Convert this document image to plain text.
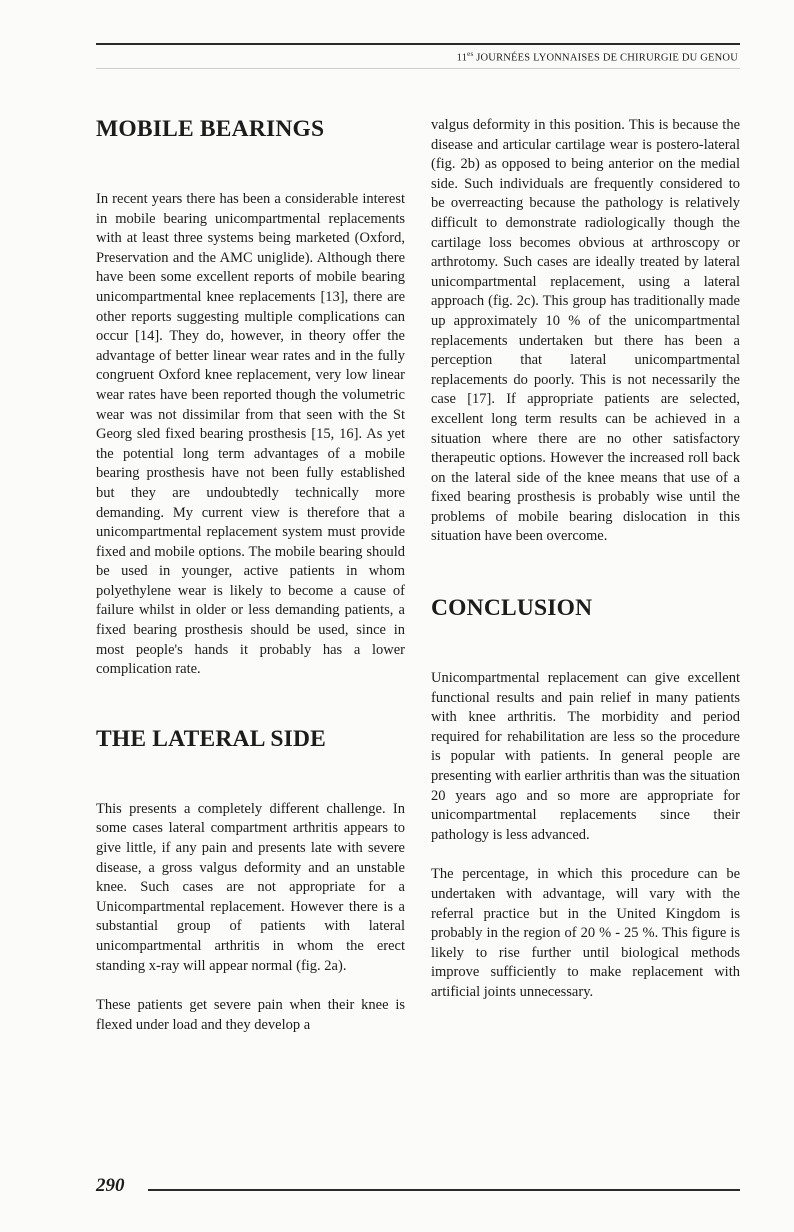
$11^{es}$ JOURNÉES LYONNAISES DE CHIRURGIE DU GENOU
MOBILE BEARINGS

In recent years there has been a considerable interest in mobile bearing unicompartmental replacements with at least three systems being marketed (Oxford, Preservation and the AMC uniglide). Although there have been some excellent reports of mobile bearing unicompartmental knee replacements [13], there are other reports suggesting multiple complications can occur [14]. They do, however, in theory offer the advantage of better linear wear rates and in the fully congruent Oxford knee replacement, very low linear wear rates have been reported though the volumetric wear was not dissimilar from that seen with the St Georg sled fixed bearing prosthesis [15, 16]. As yet the potential long term advantages of a mobile bearing prosthesis have not been fully established but they are undoubtedly technically more demanding. My current view is therefore that a unicompartmental replacement system must provide fixed and mobile options. The mobile bearing should be used in younger, active patients in whom polyethylene wear is likely to become a cause of failure whilst in older or less demanding patients, a fixed bearing prosthesis should be used, since in most people's hands it probably has a lower complication rate.

THE LATERAL SIDE

This presents a completely different challenge. In some cases lateral compartment arthritis appears to give little, if any pain and presents late with severe disease, a gross valgus deformity and an unstable knee. Such cases are not appropriate for a Unicompartmental replacement. However there is a substantial group of patients with lateral unicompartmental arthritis in whom the erect standing x-ray will appear normal (fig. 2a).

These patients get severe pain when their knee is flexed under load and they develop a

valgus deformity in this position. This is because the disease and articular cartilage wear is postero-lateral (fig. 2b) as opposed to being anterior on the medial side. Such individuals are frequently considered to be overreacting because the pathology is relatively difficult to demonstrate radiologically though the cartilage loss becomes obvious at arthroscopy or arthrotomy. Such cases are ideally treated by lateral unicompartmental replacement, using a lateral approach (fig. 2c). This group has traditionally made up approximately 10 % of the unicompartmental replacements undertaken but there has been a perception that lateral unicompartmental replacements do poorly. This is not necessarily the case [17]. If appropriate patients are selected, excellent long term results can be achieved in a situation where there are no other satisfactory therapeutic options. However the increased roll back on the lateral side of the knee means that use of a fixed bearing prosthesis is probably wise until the problems of mobile bearing dislocation in this situation have been overcome.

CONCLUSION

Unicompartmental replacement can give excellent functional results and pain relief in many patients with knee arthritis. The morbidity and period required for rehabilitation are less so the procedure is popular with patients. In general people are presenting with earlier arthritis than was the situation 20 years ago and so more are appropriate for unicompartmental replacements since their pathology is less advanced.

The percentage, in which this procedure can be undertaken with advantage, will vary with the referral practice but in the United Kingdom is probably in the region of 20 % - 25 %. This figure is likely to rise further until biological methods improve sufficiently to make replacement with artificial joints unnecessary.

290
